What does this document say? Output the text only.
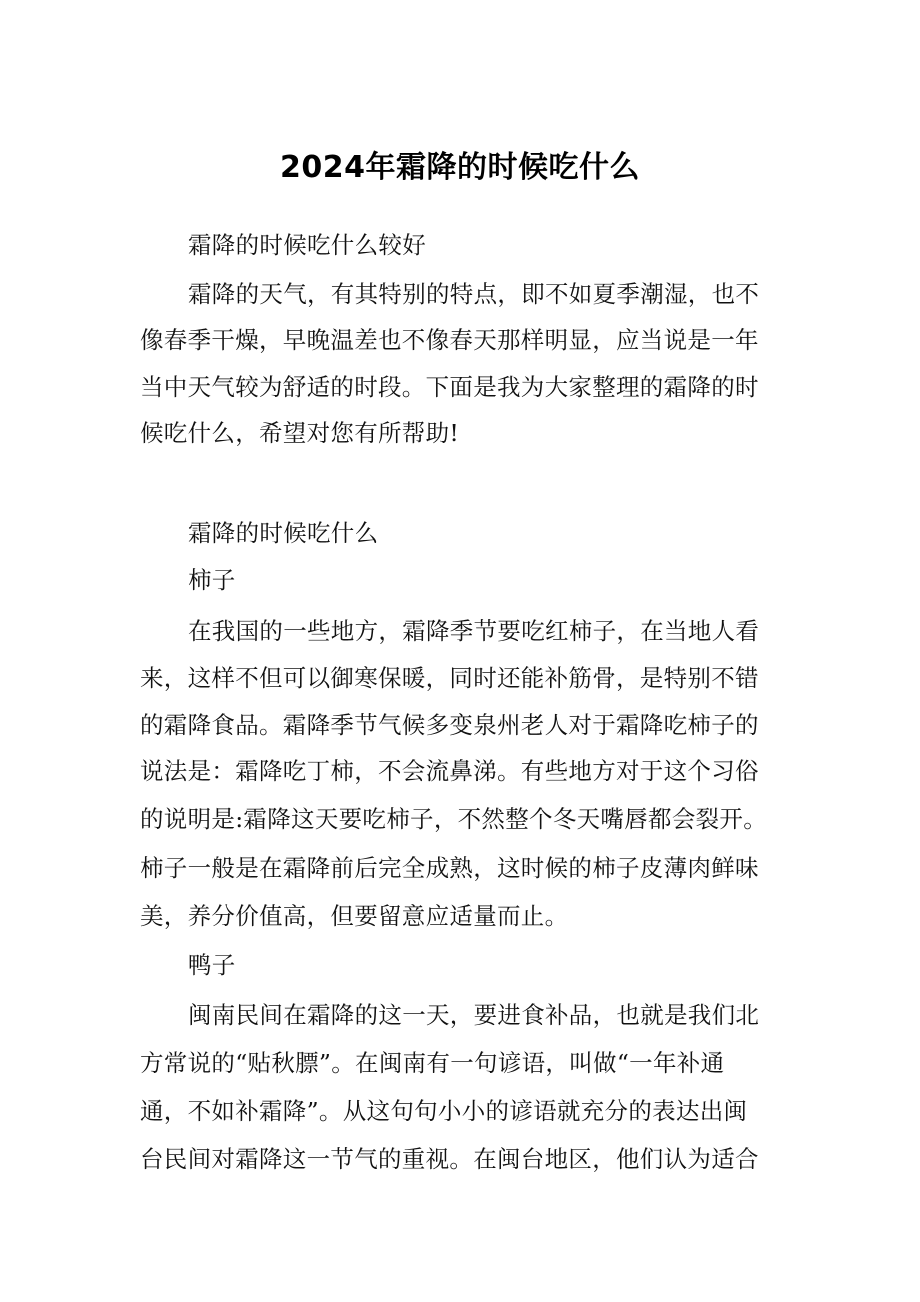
2024年霜降的时候吃什么
霜降的时候吃什么较好
霜降的天气，有其特别的特点，即不如夏季潮湿，也不
像春季干燥，早晚温差也不像春天那样明显，应当说是一年
当中天气较为舒适的时段。下面是我为大家整理的霜降的时
候吃什么，希望对您有所帮助!
霜降的时候吃什么
柿子
在我国的一些地方，霜降季节要吃红柿子，在当地人看
来，这样不但可以御寒保暖，同时还能补筋骨，是特别不错
的霜降食品。霜降季节气候多变泉州老人对于霜降吃柿子的
说法是：霜降吃丁柿，不会流鼻涕。有些地方对于这个习俗
的说明是:霜降这天要吃柿子，不然整个冬天嘴唇都会裂开。
柿子一般是在霜降前后完全成熟，这时候的柿子皮薄肉鲜味
美，养分价值高，但要留意应适量而止。
鸭子
闽南民间在霜降的这一天，要进食补品，也就是我们北
方常说的“贴秋膘”。在闽南有一句谚语，叫做“一年补通
通，不如补霜降”。从这句句小小的谚语就充分的表达出闽
台民间对霜降这一节气的重视。在闽台地区，他们认为适合
